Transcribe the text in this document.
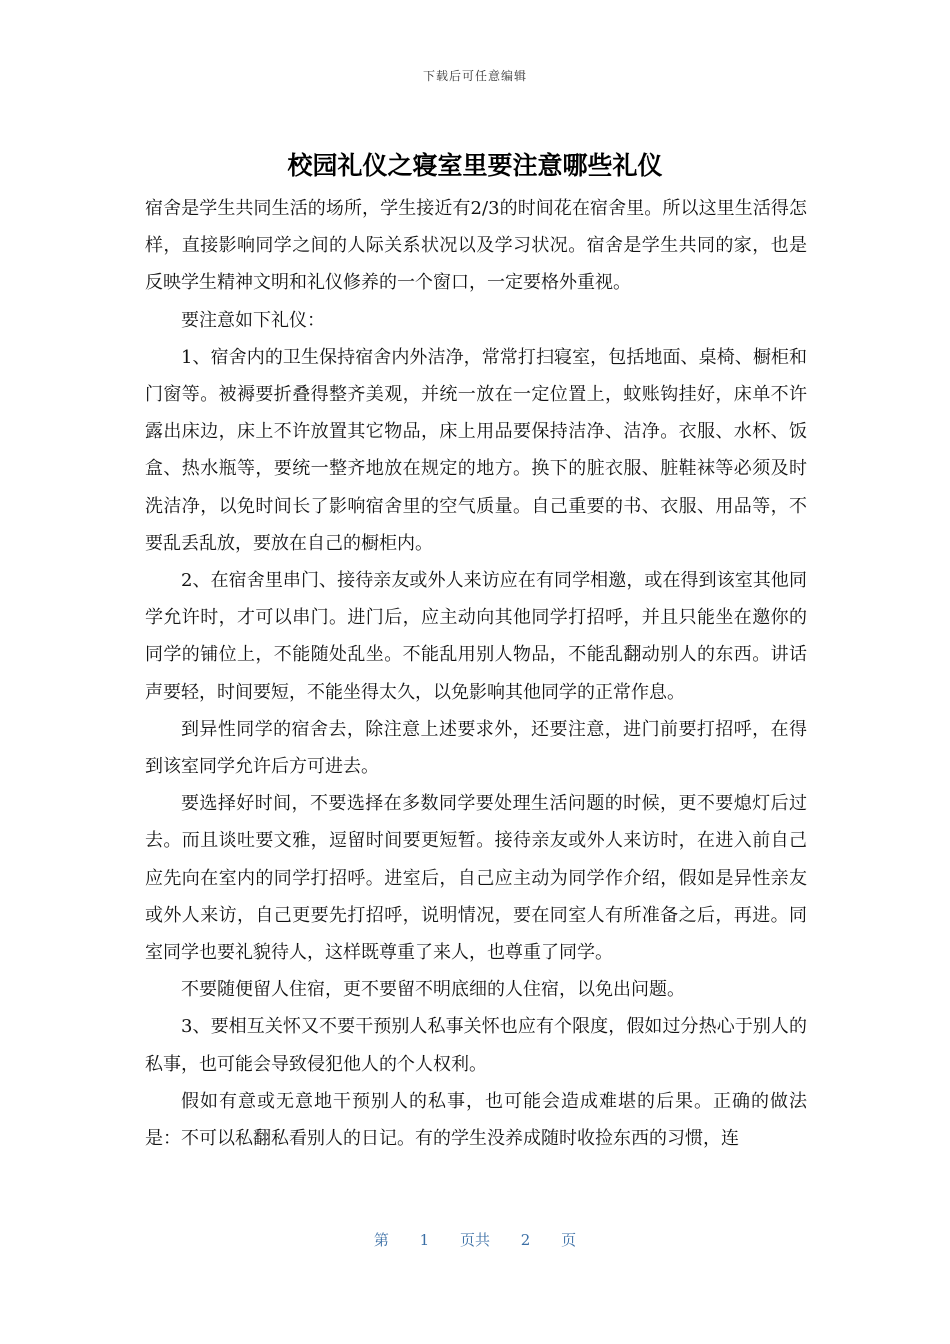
下载后可任意编辑
校园礼仪之寝室里要注意哪些礼仪

宿舍是学生共同生活的场所，学生接近有2/3的时间花在宿舍里。所以这里生活得怎样，直接影响同学之间的人际关系状况以及学习状况。宿舍是学生共同的家，也是反映学生精神文明和礼仪修养的一个窗口，一定要格外重视。

要注意如下礼仪：

1、宿舍内的卫生保持宿舍内外洁净，常常打扫寝室，包括地面、桌椅、橱柜和门窗等。被褥要折叠得整齐美观，并统一放在一定位置上，蚊账钩挂好，床单不许露出床边，床上不许放置其它物品，床上用品要保持洁净、洁净。衣服、水杯、饭盒、热水瓶等，要统一整齐地放在规定的地方。换下的脏衣服、脏鞋袜等必须及时洗洁净，以免时间长了影响宿舍里的空气质量。自己重要的书、衣服、用品等，不要乱丢乱放，要放在自己的橱柜内。

2、在宿舍里串门、接待亲友或外人来访应在有同学相邀，或在得到该室其他同学允许时，才可以串门。进门后，应主动向其他同学打招呼，并且只能坐在邀你的同学的铺位上，不能随处乱坐。不能乱用别人物品，不能乱翻动别人的东西。讲话声要轻，时间要短，不能坐得太久，以免影响其他同学的正常作息。

到异性同学的宿舍去，除注意上述要求外，还要注意，进门前要打招呼，在得到该室同学允许后方可进去。

要选择好时间，不要选择在多数同学要处理生活问题的时候，更不要熄灯后过去。而且谈吐要文雅，逗留时间要更短暂。接待亲友或外人来访时，在进入前自己应先向在室内的同学打招呼。进室后，自己应主动为同学作介绍，假如是异性亲友或外人来访，自己更要先打招呼，说明情况，要在同室人有所准备之后，再进。同室同学也要礼貌待人，这样既尊重了来人，也尊重了同学。

不要随便留人住宿，更不要留不明底细的人住宿，以免出问题。

3、要相互关怀又不要干预别人私事关怀也应有个限度，假如过分热心于别人的私事，也可能会导致侵犯他人的个人权利。

假如有意或无意地干预别人的私事，也可能会造成难堪的后果。正确的做法是：不可以私翻私看别人的日记。有的学生没养成随时收捡东西的习惯，连

第 1 页共 2 页
